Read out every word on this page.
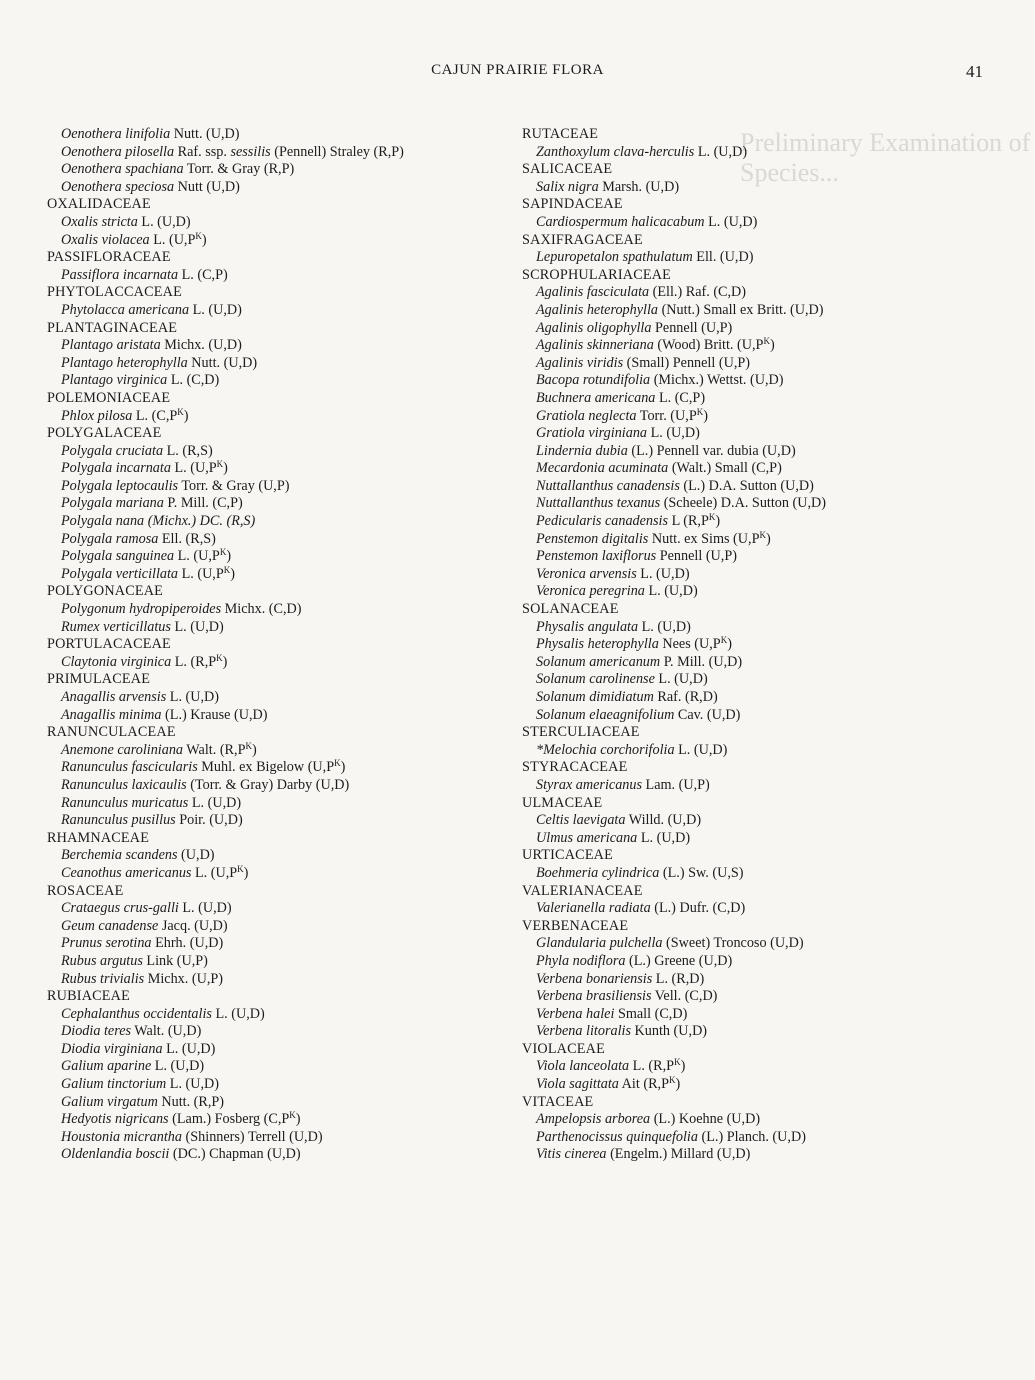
Preliminary Examination of Species...
CAJUN PRAIRIE FLORA	41
Oenothera linifolia Nutt. (U,D)
Oenothera pilosella Raf. ssp. sessilis (Pennell) Straley (R,P)
Oenothera spachiana Torr. & Gray (R,P)
Oenothera speciosa Nutt (U,D)
OXALIDACEAE
Oxalis stricta L. (U,D)
Oxalis violacea L. $(U,P^K)$
PASSIFLORACEAE
Passiflora incarnata L. (C,P)
PHYTOLACCACEAE
Phytolacca americana L. (U,D)
PLANTAGINACEAE
Plantago aristata Michx. (U,D)
Plantago heterophylla Nutt. (U,D)
Plantago virginica L. (C,D)
POLEMONIACEAE
Phlox pilosa L. $(C,P^K)$
POLYGALACEAE
Polygala cruciata L. (R,S)
Polygala incarnata L. $(U,P^K)$
Polygala leptocaulis Torr. & Gray (U,P)
Polygala mariana P. Mill. (C,P)
Polygala nana (Michx.) DC. (R,S)
Polygala ramosa Ell. (R,S)
Polygala sanguinea L. $(U,P^K)$
Polygala verticillata L. $(U,P^K)$
POLYGONACEAE
Polygonum hydropiperoides Michx. (C,D)
Rumex verticillatus L. (U,D)
PORTULACACEAE
Claytonia virginica L. $(R,P^K)$
PRIMULACEAE
Anagallis arvensis L. (U,D)
Anagallis minima (L.) Krause (U,D)
RANUNCULACEAE
Anemone caroliniana Walt. $(R,P^K)$
Ranunculus fascicularis Muhl. ex Bigelow $(U,P^K)$
Ranunculus laxicaulis (Torr. & Gray) Darby (U,D)
Ranunculus muricatus L. (U,D)
Ranunculus pusillus Poir. (U,D)
RHAMNACEAE
Berchemia scandens (U,D)
Ceanothus americanus L. $(U,P^K)$
ROSACEAE
Crataegus crus-galli L. (U,D)
Geum canadense Jacq. (U,D)
Prunus serotina Ehrh. (U,D)
Rubus argutus Link (U,P)
Rubus trivialis Michx. (U,P)
RUBIACEAE
Cephalanthus occidentalis L. (U,D)
Diodia teres Walt. (U,D)
Diodia virginiana L. (U,D)
Galium aparine L. (U,D)
Galium tinctorium L. (U,D)
Galium virgatum Nutt. (R,P)
Hedyotis nigricans (Lam.) Fosberg $(C,P^K)$
Houstonia micrantha (Shinners) Terrell (U,D)
Oldenlandia boscii (DC.) Chapman (U,D)
RUTACEAE
Zanthoxylum clava-herculis L. (U,D)
SALICACEAE
Salix nigra Marsh. (U,D)
SAPINDACEAE
Cardiospermum halicacabum L. (U,D)
SAXIFRAGACEAE
Lepuropetalon spathulatum Ell. (U,D)
SCROPHULARIACEAE
Agalinis fasciculata (Ell.) Raf. (C,D)
Agalinis heterophylla (Nutt.) Small ex Britt. (U,D)
Agalinis oligophylla Pennell (U,P)
Agalinis skinneriana (Wood) Britt. $(U,P^K)$
Agalinis viridis (Small) Pennell (U,P)
Bacopa rotundifolia (Michx.) Wettst. (U,D)
Buchnera americana L. (C,P)
Gratiola neglecta Torr. $(U,P^K)$
Gratiola virginiana L. (U,D)
Lindernia dubia (L.) Pennell var. dubia (U,D)
Mecardonia acuminata (Walt.) Small (C,P)
Nuttallanthus canadensis (L.) D.A. Sutton (U,D)
Nuttallanthus texanus (Scheele) D.A. Sutton (U,D)
Pedicularis canadensis L $(R,P^K)$
Penstemon digitalis Nutt. ex Sims $(U,P^K)$
Penstemon laxiflorus Pennell (U,P)
Veronica arvensis L. (U,D)
Veronica peregrina L. (U,D)
SOLANACEAE
Physalis angulata L. (U,D)
Physalis heterophylla Nees $(U,P^K)$
Solanum americanum P. Mill. (U,D)
Solanum carolinense L. (U,D)
Solanum dimidiatum Raf. (R,D)
Solanum elaeagnifolium Cav. (U,D)
STERCULIACEAE
*Melochia corchorifolia L. (U,D)
STYRACACEAE
Styrax americanus Lam. (U,P)
ULMACEAE
Celtis laevigata Willd. (U,D)
Ulmus americana L. (U,D)
URTICACEAE
Boehmeria cylindrica (L.) Sw. (U,S)
VALERIANACEAE
Valerianella radiata (L.) Dufr. (C,D)
VERBENACEAE
Glandularia pulchella (Sweet) Troncoso (U,D)
Phyla nodiflora (L.) Greene (U,D)
Verbena bonariensis L. (R,D)
Verbena brasiliensis Vell. (C,D)
Verbena halei Small (C,D)
Verbena litoralis Kunth (U,D)
VIOLACEAE
Viola lanceolata L. $(R,P^K)$
Viola sagittata Ait $(R,P^K)$
VITACEAE
Ampelopsis arborea (L.) Koehne (U,D)
Parthenocissus quinquefolia (L.) Planch. (U,D)
Vitis cinerea (Engelm.) Millard (U,D)
